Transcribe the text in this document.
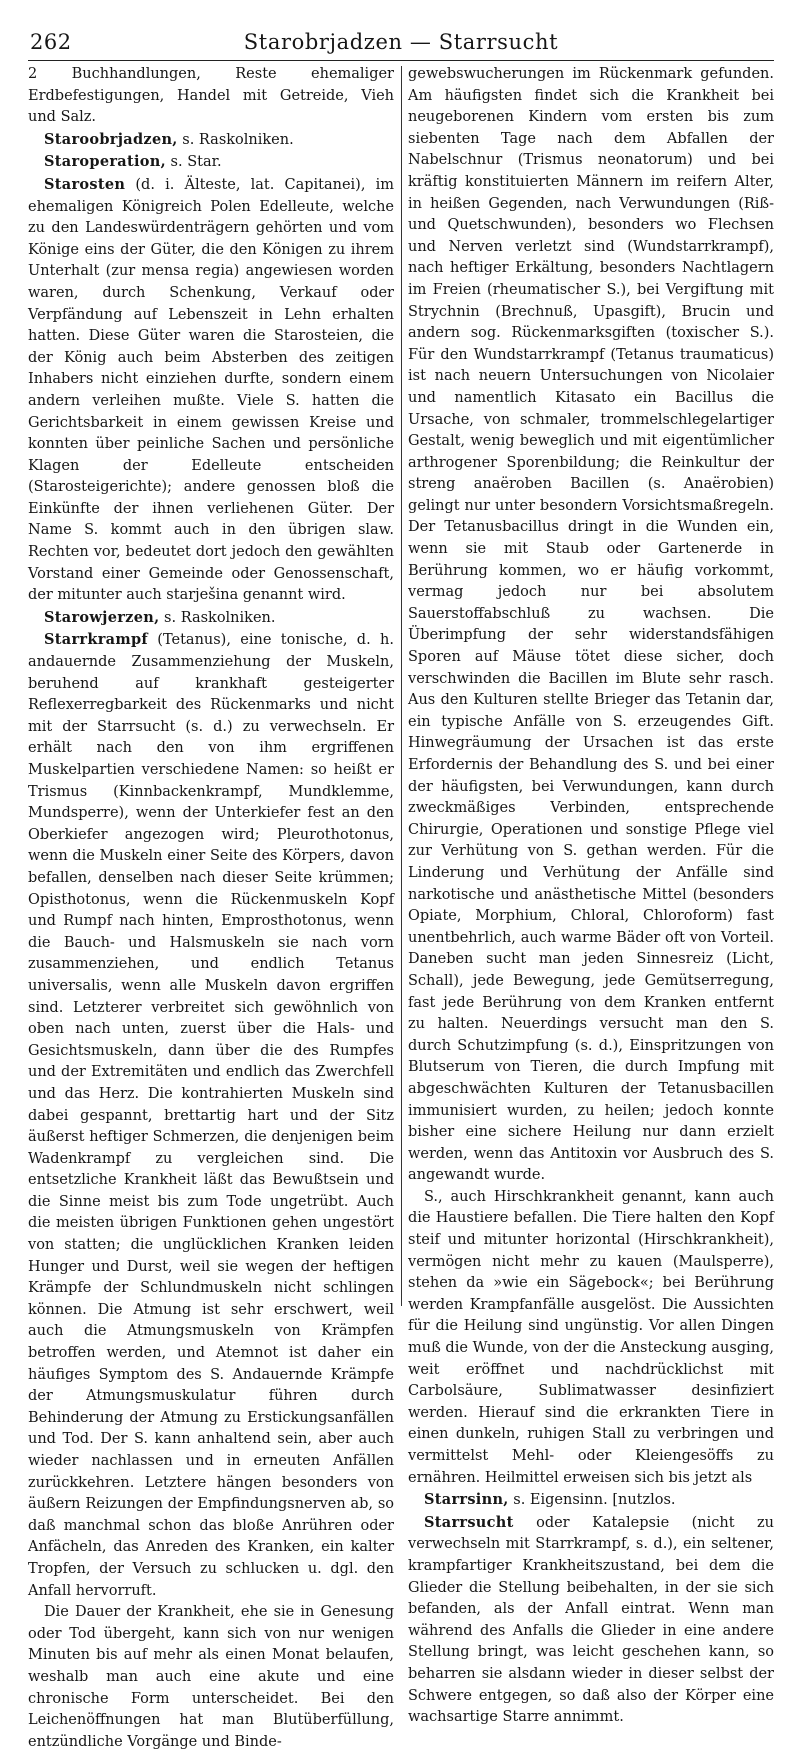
262	Starobrjadzen — Starrsucht

2 Buchhandlungen, Reste ehemaliger Erdbefestigungen, Handel mit Getreide, Vieh und Salz.

Staroobrjadzen, s. Raskolniken.

Staroperation, s. Star.

Starosten (d. i. Älteste, lat. Capitanei), im ehemaligen Königreich Polen Edelleute, welche zu den Landeswürdenträgern gehörten und vom Könige eins der Güter, die den Königen zu ihrem Unterhalt (zur mensa regia) angewiesen worden waren, durch Schenkung, Verkauf oder Verpfändung auf Lebenszeit in Lehn erhalten hatten. Diese Güter waren die Starosteien, die der König auch beim Absterben des zeitigen Inhabers nicht einziehen durfte, sondern einem andern verleihen mußte. Viele S. hatten die Gerichtsbarkeit in einem gewissen Kreise und konnten über peinliche Sachen und persönliche Klagen der Edelleute entscheiden (Starosteigerichte); andere genossen bloß die Einkünfte der ihnen verliehenen Güter. Der Name S. kommt auch in den übrigen slaw. Rechten vor, bedeutet dort jedoch den gewählten Vorstand einer Gemeinde oder Genossenschaft, der mitunter auch starješina genannt wird.

Starowjerzen, s. Raskolniken.

Starrkrampf (Tetanus), eine tonische, d. h. andauernde Zusammenziehung der Muskeln, beruhend auf krankhaft gesteigerter Reflexerregbarkeit des Rückenmarks und nicht mit der Starrsucht (s. d.) zu verwechseln. Er erhält nach den von ihm ergriffenen Muskelpartien verschiedene Namen: so heißt er Trismus (Kinnbackenkrampf, Mundklemme, Mundsperre), wenn der Unterkiefer fest an den Oberkiefer angezogen wird; Pleurothotonus, wenn die Muskeln einer Seite des Körpers, davon befallen, denselben nach dieser Seite krümmen; Opisthotonus, wenn die Rückenmuskeln Kopf und Rumpf nach hinten, Emprosthotonus, wenn die Bauch- und Halsmuskeln sie nach vorn zusammenziehen, und endlich Tetanus universalis, wenn alle Muskeln davon ergriffen sind. Letzterer verbreitet sich gewöhnlich von oben nach unten, zuerst über die Hals- und Gesichtsmuskeln, dann über die des Rumpfes und der Extremitäten und endlich das Zwerchfell und das Herz. Die kontrahierten Muskeln sind dabei gespannt, brettartig hart und der Sitz äußerst heftiger Schmerzen, die denjenigen beim Wadenkrampf zu vergleichen sind. Die entsetzliche Krankheit läßt das Bewußtsein und die Sinne meist bis zum Tode ungetrübt. Auch die meisten übrigen Funktionen gehen ungestört von statten; die unglücklichen Kranken leiden Hunger und Durst, weil sie wegen der heftigen Krämpfe der Schlundmuskeln nicht schlingen können. Die Atmung ist sehr erschwert, weil auch die Atmungsmuskeln von Krämpfen betroffen werden, und Atemnot ist daher ein häufiges Symptom des S. Andauernde Krämpfe der Atmungsmuskulatur führen durch Behinderung der Atmung zu Erstickungsanfällen und Tod. Der S. kann anhaltend sein, aber auch wieder nachlassen und in erneuten Anfällen zurückkehren. Letztere hängen besonders von äußern Reizungen der Empfindungsnerven ab, so daß manchmal schon das bloße Anrühren oder Anfächeln, das Anreden des Kranken, ein kalter Tropfen, der Versuch zu schlucken u. dgl. den Anfall hervorruft.

Die Dauer der Krankheit, ehe sie in Genesung oder Tod übergeht, kann sich von nur wenigen Minuten bis auf mehr als einen Monat belaufen, weshalb man auch eine akute und eine chronische Form unterscheidet. Bei den Leichenöffnungen hat man Blutüberfüllung, entzündliche Vorgänge und Binde-

gewebswucherungen im Rückenmark gefunden. Am häufigsten findet sich die Krankheit bei neugeborenen Kindern vom ersten bis zum siebenten Tage nach dem Abfallen der Nabelschnur (Trismus neonatorum) und bei kräftig konstituierten Männern im reifern Alter, in heißen Gegenden, nach Verwundungen (Riß- und Quetschwunden), besonders wo Flechsen und Nerven verletzt sind (Wundstarrkrampf), nach heftiger Erkältung, besonders Nachtlagern im Freien (rheumatischer S.), bei Vergiftung mit Strychnin (Brechnuß, Upasgift), Brucin und andern sog. Rückenmarksgiften (toxischer S.). Für den Wundstarrkrampf (Tetanus traumaticus) ist nach neuern Untersuchungen von Nicolaier und namentlich Kitasato ein Bacillus die Ursache, von schmaler, trommelschlegelartiger Gestalt, wenig beweglich und mit eigentümlicher arthrogener Sporenbildung; die Reinkultur der streng anaëroben Bacillen (s. Anaërobien) gelingt nur unter besondern Vorsichtsmaßregeln. Der Tetanusbacillus dringt in die Wunden ein, wenn sie mit Staub oder Gartenerde in Berührung kommen, wo er häufig vorkommt, vermag jedoch nur bei absolutem Sauerstoffabschluß zu wachsen. Die Überimpfung der sehr widerstandsfähigen Sporen auf Mäuse tötet diese sicher, doch verschwinden die Bacillen im Blute sehr rasch. Aus den Kulturen stellte Brieger das Tetanin dar, ein typische Anfälle von S. erzeugendes Gift. Hinwegräumung der Ursachen ist das erste Erfordernis der Behandlung des S. und bei einer der häufigsten, bei Verwundungen, kann durch zweckmäßiges Verbinden, entsprechende Chirurgie, Operationen und sonstige Pflege viel zur Verhütung von S. gethan werden. Für die Linderung und Verhütung der Anfälle sind narkotische und anästhetische Mittel (besonders Opiate, Morphium, Chloral, Chloroform) fast unentbehrlich, auch warme Bäder oft von Vorteil. Daneben sucht man jeden Sinnesreiz (Licht, Schall), jede Bewegung, jede Gemütserregung, fast jede Berührung von dem Kranken entfernt zu halten. Neuerdings versucht man den S. durch Schutzimpfung (s. d.), Einspritzungen von Blutserum von Tieren, die durch Impfung mit abgeschwächten Kulturen der Tetanusbacillen immunisiert wurden, zu heilen; jedoch konnte bisher eine sichere Heilung nur dann erzielt werden, wenn das Antitoxin vor Ausbruch des S. angewandt wurde.

S., auch Hirschkrankheit genannt, kann auch die Haustiere befallen. Die Tiere halten den Kopf steif und mitunter horizontal (Hirschkrankheit), vermögen nicht mehr zu kauen (Maulsperre), stehen da »wie ein Sägebock«; bei Berührung werden Krampfanfälle ausgelöst. Die Aussichten für die Heilung sind ungünstig. Vor allen Dingen muß die Wunde, von der die Ansteckung ausging, weit eröffnet und nachdrücklichst mit Carbolsäure, Sublimatwasser desinfiziert werden. Hierauf sind die erkrankten Tiere in einen dunkeln, ruhigen Stall zu verbringen und vermittelst Mehl- oder Kleiengesöffs zu ernähren. Heilmittel erweisen sich bis jetzt als

Starrsinn, s. Eigensinn. [nutzlos.

Starrsucht oder Katalepsie (nicht zu verwechseln mit Starrkrampf, s. d.), ein seltener, krampfartiger Krankheitszustand, bei dem die Glieder die Stellung beibehalten, in der sie sich befanden, als der Anfall eintrat. Wenn man während des Anfalls die Glieder in eine andere Stellung bringt, was leicht geschehen kann, so beharren sie alsdann wieder in dieser selbst der Schwere entgegen, so daß also der Körper eine wachsartige Starre annimmt.
